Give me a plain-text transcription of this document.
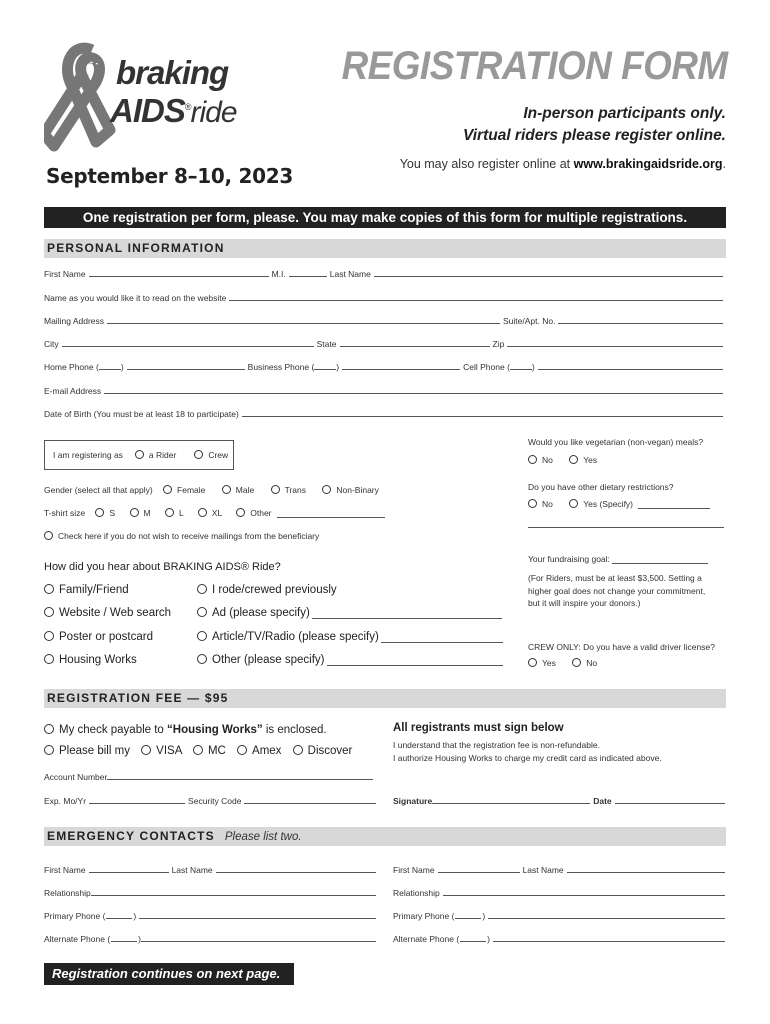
braking
AIDS®ride
REGISTRATION FORM
In-person participants only.
Virtual riders please register online.
You may also register online at www.brakingaidsride.org.
September 8–10, 2023
One registration per form, please. You may make copies of this form for multiple registrations.
PERSONAL INFORMATION
First Name	M.I.	Last Name
Name as you would like it to read on the website
Mailing Address	Suite/Apt. No.
City	State	Zip
Home Phone (	)	Business Phone (	)	Cell Phone (	)
E-mail Address
Date of Birth (You must be at least 18 to participate)
I am registering as	a Rider	Crew
Gender (select all that apply)	Female	Male	Trans	Non-Binary
T-shirt size	S	M	L	XL	Other
Check here if you do not wish to receive mailings from the beneficiary
Would you like vegetarian (non-vegan) meals?
No	Yes
Do you have other dietary restrictions?
No	Yes (Specify)
How did you hear about BRAKING AIDS® Ride?
Family/Friend
Website / Web search
Poster or postcard
Housing Works
I rode/crewed previously
Ad (please specify)
Article/TV/Radio (please specify)
Other (please specify)
Your fundraising goal:
(For Riders, must be at least $3,500. Setting a
higher goal does not change your commitment,
but it will inspire your donors.)
CREW ONLY: Do you have a valid driver license?
Yes	No
REGISTRATION FEE — $95
My check payable to “Housing Works” is enclosed.
Please bill my VISA MC Amex Discover
Account Number
Exp. Mo/Yr	Security Code
All registrants must sign below
I understand that the registration fee is non-refundable.
I authorize Housing Works to charge my credit card as indicated above.
Signature	Date
EMERGENCY CONTACTS Please list two.
First Name	Last Name
Relationship
Primary Phone (	)
Alternate Phone (	)
First Name	Last Name
Relationship
Primary Phone (	)
Alternate Phone (	)
Registration continues on next page.
